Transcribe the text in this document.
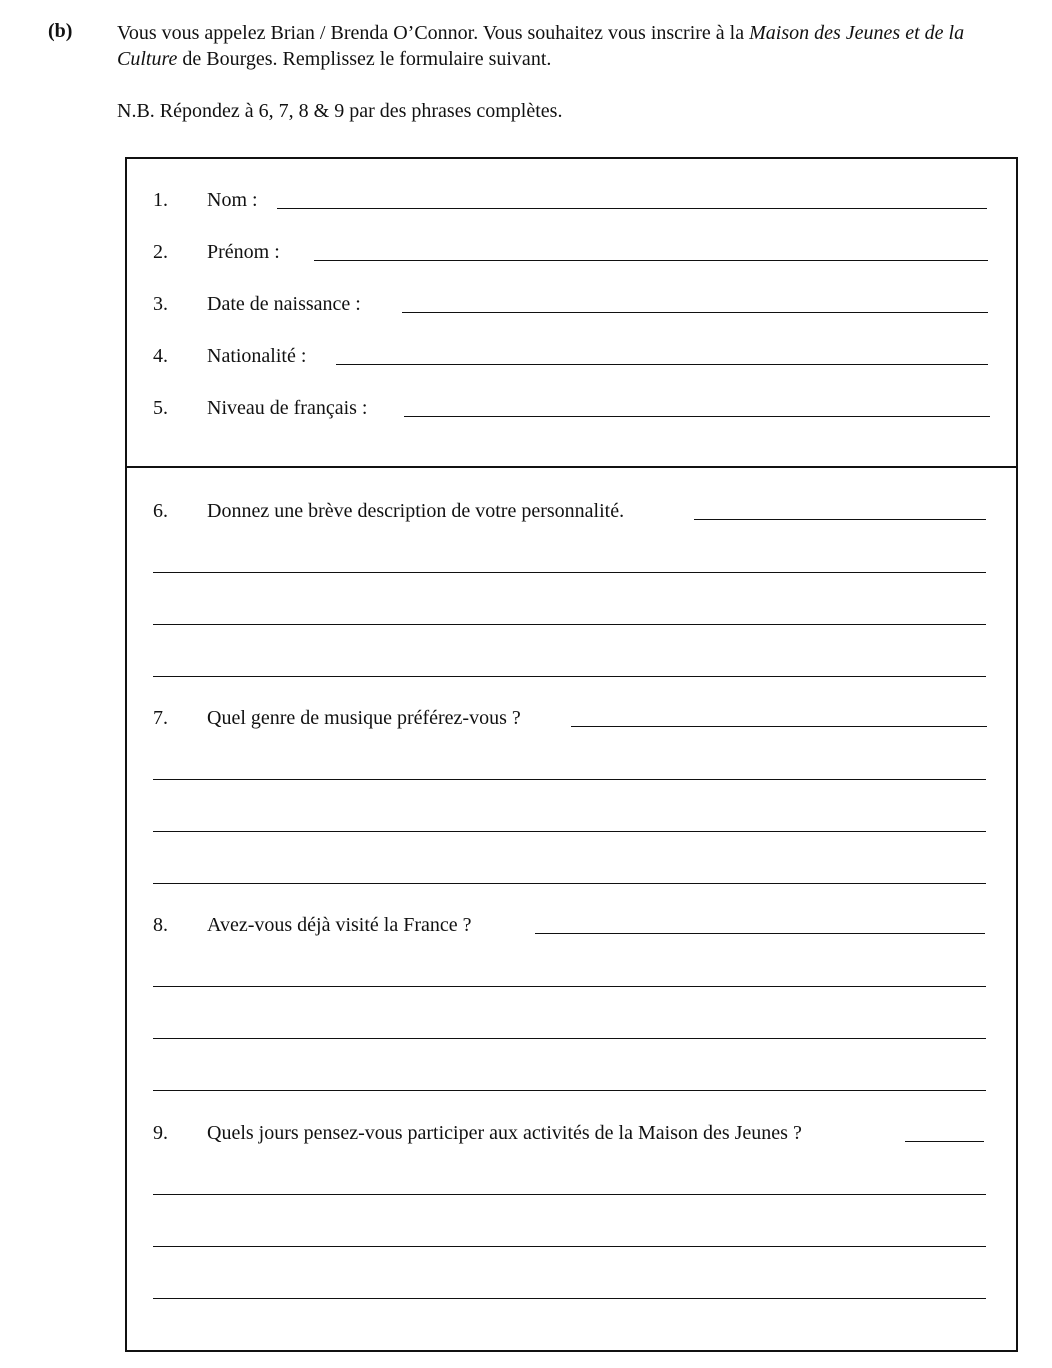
(b) Vous vous appelez Brian / Brenda O’Connor. Vous souhaitez vous inscrire à la Maison des Jeunes et de la Culture de Bourges. Remplissez le formulaire suivant.
N.B. Répondez à 6, 7, 8 & 9 par des phrases complètes.
1. Nom :
2. Prénom :
3. Date de naissance :
4. Nationalité :
5. Niveau de français :
6. Donnez une brève description de votre personnalité.
7. Quel genre de musique préférez-vous ?
8. Avez-vous déjà visité la France ?
9. Quels jours pensez-vous participer aux activités de la Maison des Jeunes ?
